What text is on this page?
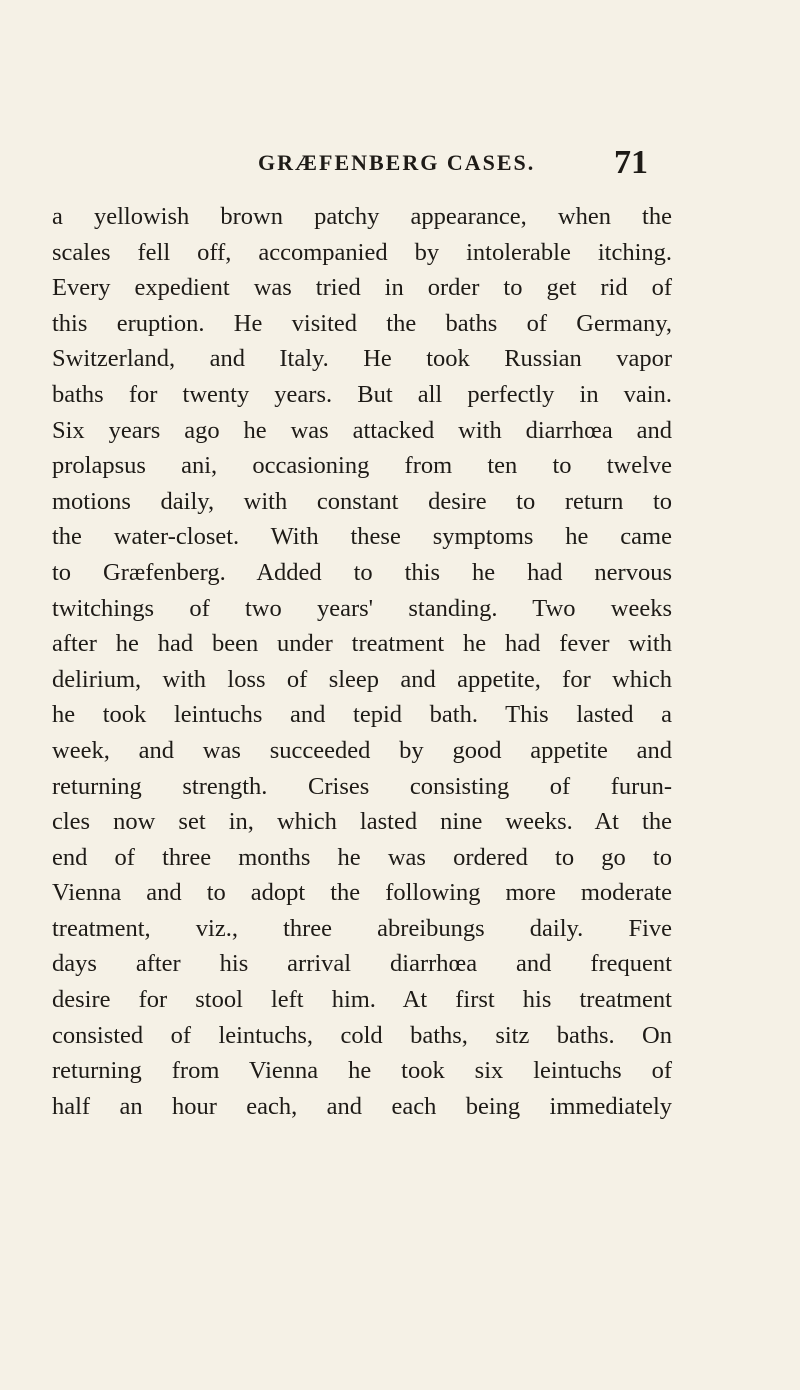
GRÆFENBERG CASES. 71
a yellowish brown patchy appearance, when the
scales fell off, accompanied by intolerable itching.
Every expedient was tried in order to get rid of
this eruption. He visited the baths of Germany,
Switzerland, and Italy. He took Russian vapor
baths for twenty years. But all perfectly in vain.
Six years ago he was attacked with diarrhœa and
prolapsus ani, occasioning from ten to twelve
motions daily, with constant desire to return to
the water-closet. With these symptoms he came
to Græfenberg. Added to this he had nervous
twitchings of two years' standing. Two weeks
after he had been under treatment he had fever with
delirium, with loss of sleep and appetite, for which
he took leintuchs and tepid bath. This lasted a
week, and was succeeded by good appetite and
returning strength. Crises consisting of furun-
cles now set in, which lasted nine weeks. At the
end of three months he was ordered to go to
Vienna and to adopt the following more moderate
treatment, viz., three abreibungs daily. Five
days after his arrival diarrhœa and frequent
desire for stool left him. At first his treatment
consisted of leintuchs, cold baths, sitz baths. On
returning from Vienna he took six leintuchs of
half an hour each, and each being immediately
